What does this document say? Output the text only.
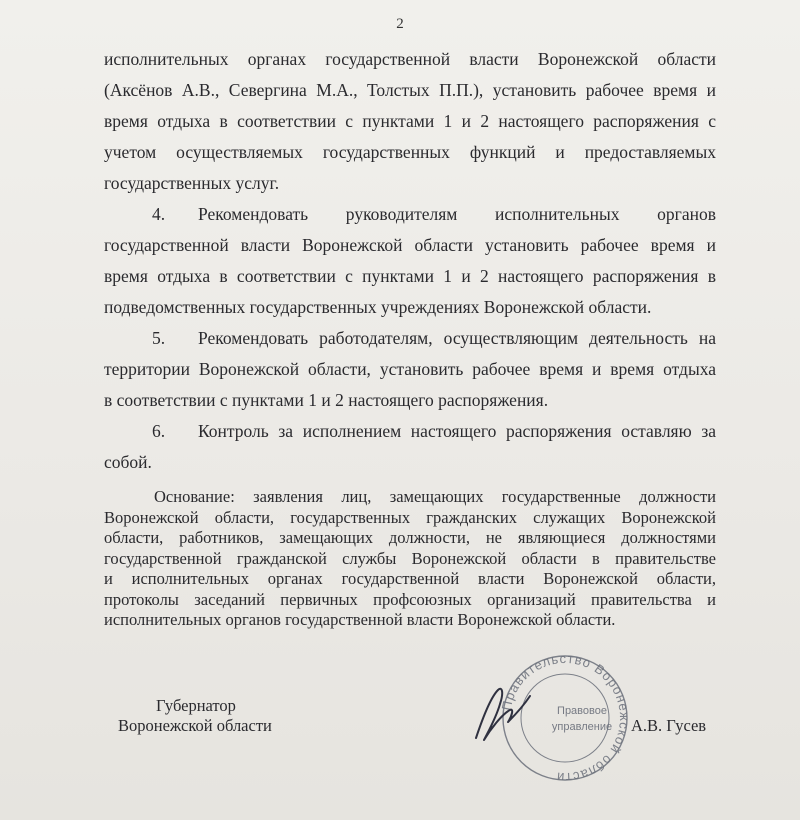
2
исполнительных органах государственной власти Воронежской области
(Аксёнов А.В., Севергина М.А., Толстых П.П.), установить рабочее время и
время отдыха в соответствии с пунктами 1 и 2 настоящего распоряжения с
учетом осуществляемых государственных функций и предоставляемых
государственных услуг.
4. Рекомендовать руководителям исполнительных органов
государственной власти Воронежской области установить рабочее время и
время отдыха в соответствии с пунктами 1 и 2 настоящего распоряжения в
подведомственных государственных учреждениях Воронежской области.
5. Рекомендовать работодателям, осуществляющим деятельность на
территории Воронежской области, установить рабочее время и время отдыха
в соответствии с пунктами 1 и 2 настоящего распоряжения.
6. Контроль за исполнением настоящего распоряжения оставляю за
собой.
Основание: заявления лиц, замещающих государственные должности
Воронежской области, государственных гражданских служащих Воронежской
области, работников, замещающих должности, не являющиеся должностями
государственной гражданской службы Воронежской области в правительстве
и исполнительных органах государственной власти Воронежской области,
протоколы заседаний первичных профсоюзных организаций правительства и
исполнительных органов государственной власти Воронежской области.
Губернатор
Воронежской области
Правительство Воронежской области
Правовое
управление А.В. Гусев
